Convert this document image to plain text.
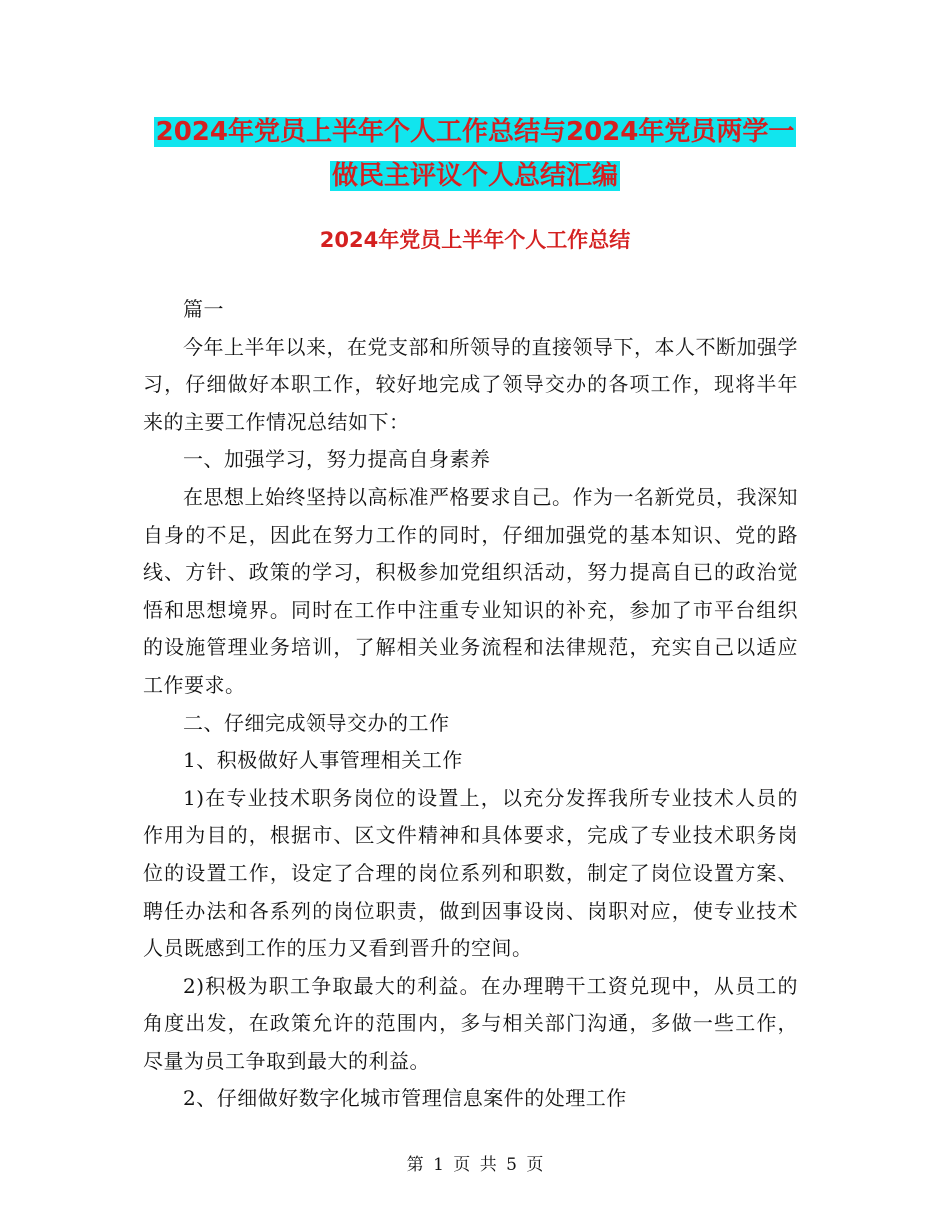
2024年党员上半年个人工作总结与2024年党员两学一
做民主评议个人总结汇编
2024年党员上半年个人工作总结

篇一

今年上半年以来，在党支部和所领导的直接领导下，本人不断加强学习，仔细做好本职工作，较好地完成了领导交办的各项工作，现将半年来的主要工作情况总结如下：

一、加强学习，努力提高自身素养

在思想上始终坚持以高标准严格要求自己。作为一名新党员，我深知自身的不足，因此在努力工作的同时，仔细加强党的基本知识、党的路线、方针、政策的学习，积极参加党组织活动，努力提高自已的政治觉悟和思想境界。同时在工作中注重专业知识的补充，参加了市平台组织的设施管理业务培训，了解相关业务流程和法律规范，充实自己以适应工作要求。

二、仔细完成领导交办的工作

1、积极做好人事管理相关工作

1)在专业技术职务岗位的设置上，以充分发挥我所专业技术人员的作用为目的，根据市、区文件精神和具体要求，完成了专业技术职务岗位的设置工作，设定了合理的岗位系列和职数，制定了岗位设置方案、聘任办法和各系列的岗位职责，做到因事设岗、岗职对应，使专业技术人员既感到工作的压力又看到晋升的空间。

2)积极为职工争取最大的利益。在办理聘干工资兑现中，从员工的角度出发，在政策允许的范围内，多与相关部门沟通，多做一些工作，尽量为员工争取到最大的利益。

2、仔细做好数字化城市管理信息案件的处理工作

第 1 页 共 5 页
